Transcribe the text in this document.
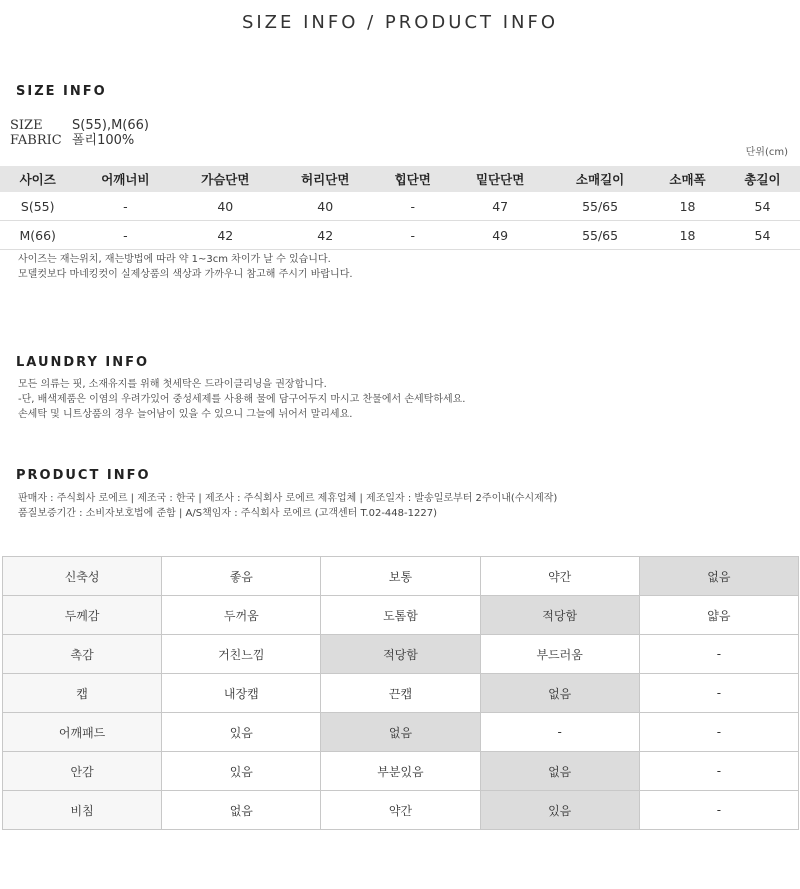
SIZE INFO / PRODUCT INFO
SIZE INFO
SIZE	S(55),M(66)
FABRIC 폴리100%
단위(cm)
사이즈	어깨너비	가슴단면	허리단면	힙단면	밑단단면	소매길이	소매폭	총길이
S(55)	-	40	40	-	47	55/65	18	54
M(66)	-	42	42	-	49	55/65	18	54
사이즈는 재는위치, 재는방법에 따라 약 1~3cm 차이가 날 수 있습니다.
모델컷보다 마네킹컷이 실제상품의 색상과 가까우니 참고해 주시기 바랍니다.
LAUNDRY INFO
모든 의류는 핏, 소재유지를 위해 첫세탁은 드라이클리닝을 권장합니다.
-단, 배색제품은 이염의 우려가있어 중성세제를 사용해 물에 담구어두지 마시고 찬물에서 손세탁하세요.
손세탁 및 니트상품의 경우 늘어남이 있을 수 있으니 그늘에 뉘어서 말리세요.
PRODUCT INFO
판매자 : 주식회사 로에르 | 제조국 : 한국 | 제조사 : 주식회사 로에르 제휴업체 | 제조일자 : 발송일로부터 2주이내(수시제작)
품질보증기간 : 소비자보호법에 준함 | A/S책임자 : 주식회사 로에르 (고객센터 T.02-448-1227)
신축성	좋음	보통	약간	없음
두께감	두꺼움	도톰함	적당함	얇음
촉감	거친느낌	적당함	부드러움	-
캡	내장캡	끈캡	없음	-
어깨패드	있음	없음	-	-
안감	있음	부분있음	없음	-
비침	없음	약간	있음	-
